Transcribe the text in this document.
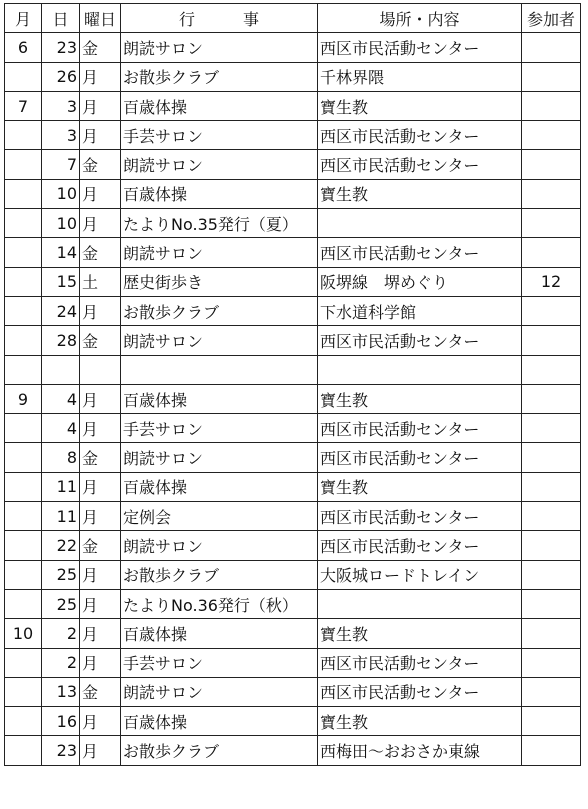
月	日	曜日	行　　　事	場所・内容	参加者
6	23	金	朗読サロン	西区市民活動センター	
	26	月	お散歩クラブ	千林界隈	
7	3	月	百歳体操	寶生教	
	3	月	手芸サロン	西区市民活動センター	
	7	金	朗読サロン	西区市民活動センター	
	10	月	百歳体操	寶生教	
	10	月	たよりNo.35発行（夏）		
	14	金	朗読サロン	西区市民活動センター	
	15	土	歴史街歩き	阪堺線　堺めぐり	12
	24	月	お散歩クラブ	下水道科学館	
	28	金	朗読サロン	西区市民活動センター	

9	4	月	百歳体操	寶生教	
	4	月	手芸サロン	西区市民活動センター	
	8	金	朗読サロン	西区市民活動センター	
	11	月	百歳体操	寶生教	
	11	月	定例会	西区市民活動センター	
	22	金	朗読サロン	西区市民活動センター	
	25	月	お散歩クラブ	大阪城ロードトレイン	
	25	月	たよりNo.36発行（秋）		
10	2	月	百歳体操	寶生教	
	2	月	手芸サロン	西区市民活動センター	
	13	金	朗読サロン	西区市民活動センター	
	16	月	百歳体操	寶生教	
	23	月	お散歩クラブ	西梅田～おおさか東線	
